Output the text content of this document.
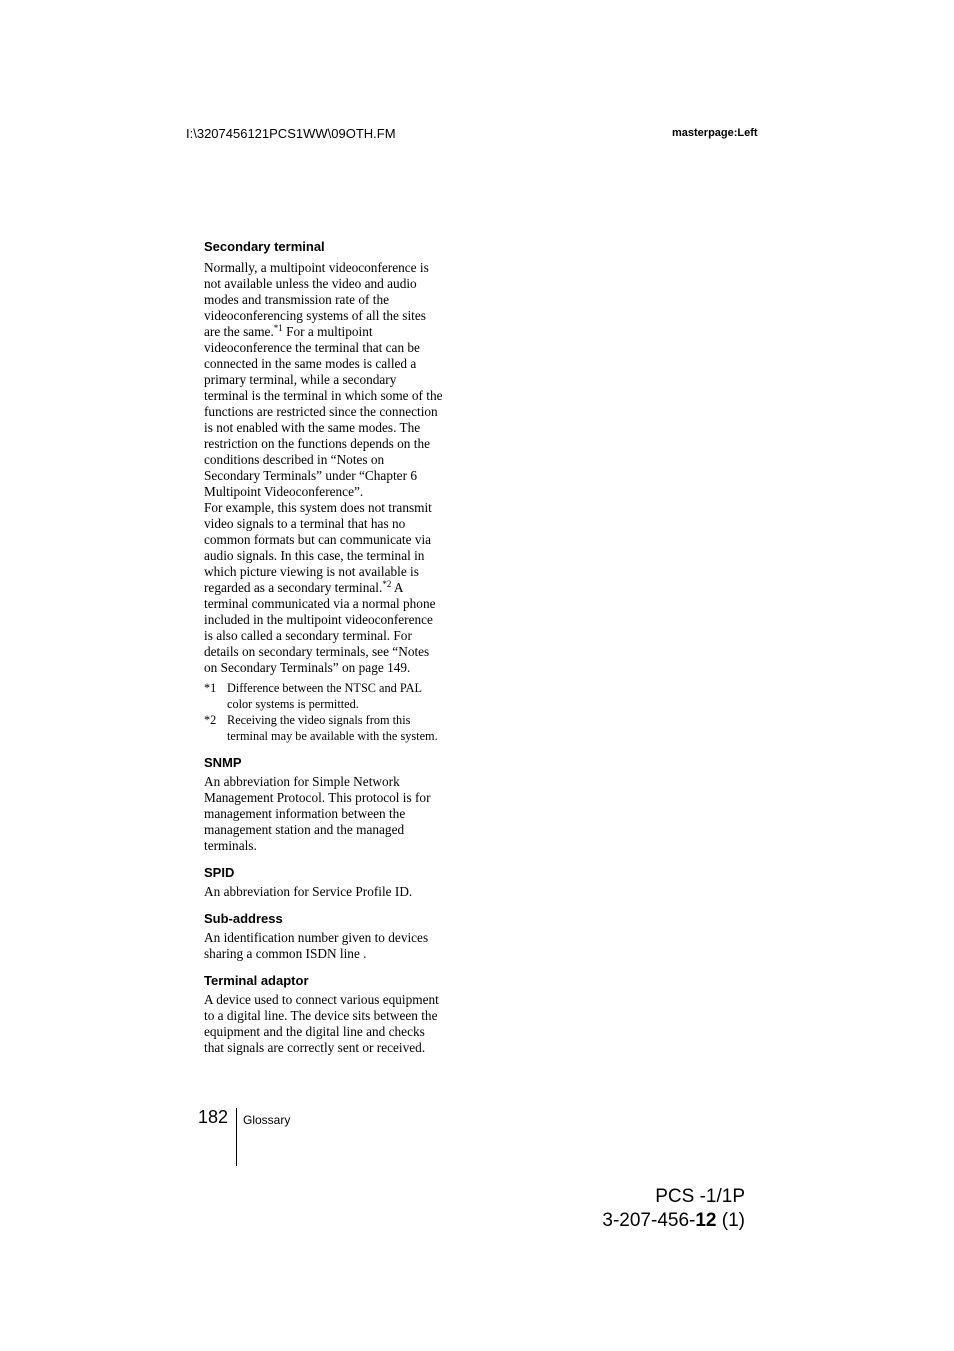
I:\3207456121PCS1WW\09OTH.FM	masterpage:Left
Secondary terminal

Normally, a multipoint videoconference is
not available unless the video and audio
modes and transmission rate of the
videoconferencing systems of all the sites
are the same.$^{*1}$ For a multipoint
videoconference the terminal that can be
connected in the same modes is called a
primary terminal, while a secondary
terminal is the terminal in which some of the
functions are restricted since the connection
is not enabled with the same modes. The
restriction on the functions depends on the
conditions described in “Notes on
Secondary Terminals” under “Chapter 6
Multipoint Videoconference”.

For example, this system does not transmit
video signals to a terminal that has no
common formats but can communicate via
audio signals. In this case, the terminal in
which picture viewing is not available is
regarded as a secondary terminal.$^{*2}$ A
terminal communicated via a normal phone
included in the multipoint videoconference
is also called a secondary terminal. For
details on secondary terminals, see “Notes
on Secondary Terminals” on page 149.

*1 Difference between the NTSC and PAL
color systems is permitted.
*2 Receiving the video signals from this
terminal may be available with the system.
SNMP

An abbreviation for Simple Network
Management Protocol. This protocol is for
management information between the
management station and the managed
terminals.

SPID

An abbreviation for Service Profile ID.

Sub-address

An identification number given to devices
sharing a common ISDN line .

Terminal adaptor

A device used to connect various equipment
to a digital line. The device sits between the
equipment and the digital line and checks
that signals are correctly sent or received.

182 Glossary
PCS -1/1P
3-207-456-12 (1)
